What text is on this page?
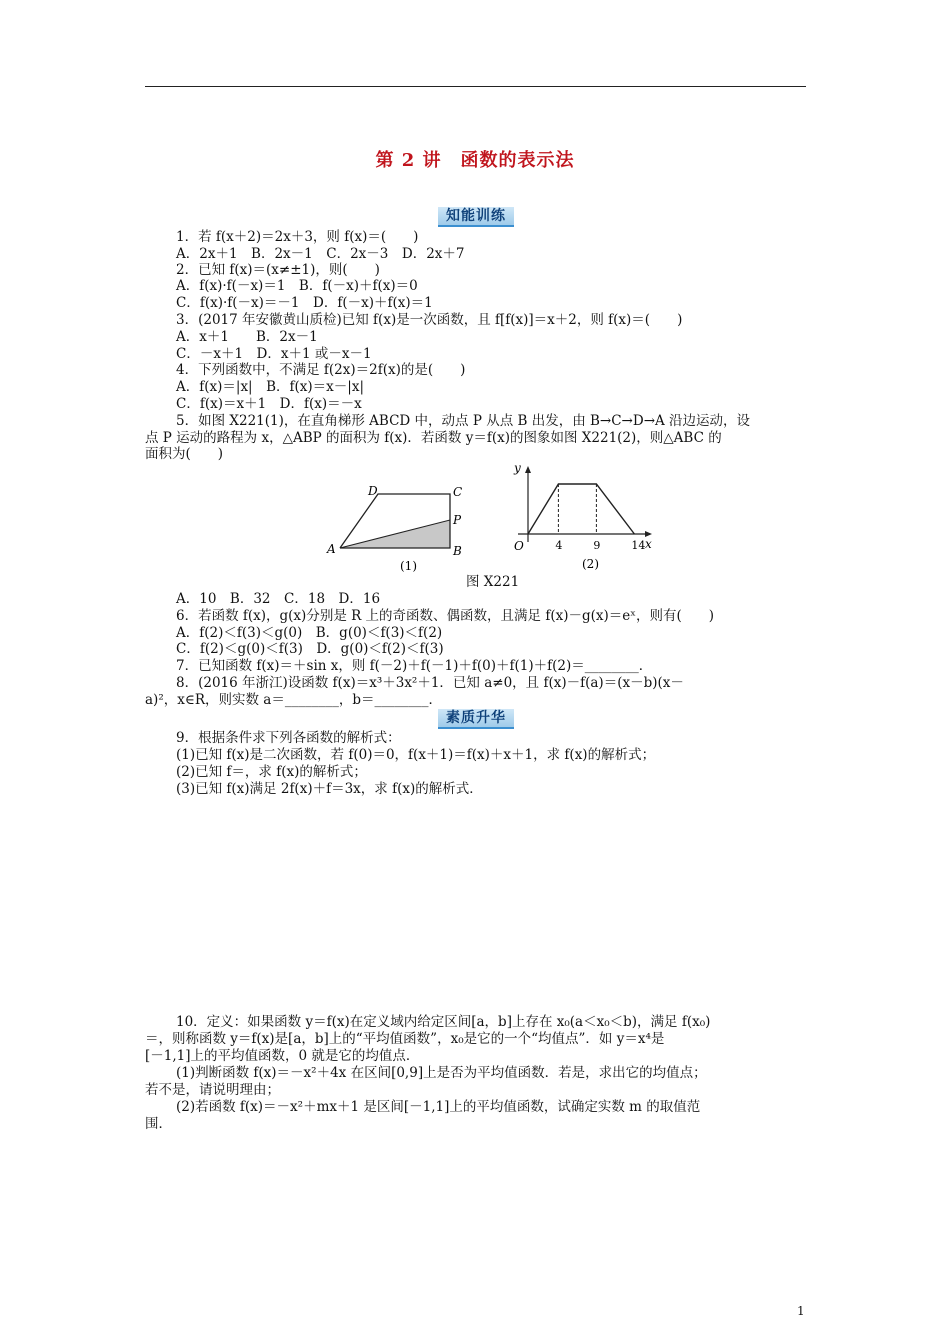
第 2 讲　函数的表示法
知能训练
1．若 f(x＋2)＝2x＋3，则 f(x)＝(　　)
A．2x＋1　B．2x－1　C．2x－3　D．2x＋7
2．已知 f(x)＝(x≠±1)，则(　　)
A．f(x)·f(－x)＝1　B．f(－x)＋f(x)＝0
C．f(x)·f(－x)＝－1　D．f(－x)＋f(x)＝1
3．(2017 年安徽黄山质检)已知 f(x)是一次函数，且 f[f(x)]＝x＋2，则 f(x)＝(　　)
A．x＋1　　B．2x－1
C．－x＋1　D．x＋1 或－x－1
4．下列函数中，不满足 f(2x)＝2f(x)的是(　　)
A．f(x)＝|x|　B．f(x)＝x－|x|
C．f(x)＝x＋1　D．f(x)＝－x
5．如图 X221(1)，在直角梯形 ABCD 中，动点 P 从点 B 出发，由 B→C→D→A 沿边运动，设
点 P 运动的路程为 x，△ABP 的面积为 f(x)．若函数 y＝f(x)的图象如图 X221(2)，则△ABC 的
面积为(　　)
D	C
P
A	B
(1)
y
x
O	4	9	14
(2)
图 X221
A．10　B．32　C．18　D．16
6．若函数 f(x)，g(x)分别是 R 上的奇函数、偶函数，且满足 f(x)－g(x)＝eˣ，则有(　　)
A．f(2)＜f(3)＜g(0)　B．g(0)＜f(3)＜f(2)
C．f(2)＜g(0)＜f(3)　D．g(0)＜f(2)＜f(3)
7．已知函数 f(x)＝＋sin x，则 f(－2)＋f(－1)＋f(0)＋f(1)＋f(2)＝________．
8．(2016 年浙江)设函数 f(x)＝x³＋3x²＋1．已知 a≠0，且 f(x)－f(a)＝(x－b)(x－
a)²，x∈R，则实数 a＝________，b＝________．
素质升华
9．根据条件求下列各函数的解析式：
(1)已知 f(x)是二次函数，若 f(0)＝0，f(x＋1)＝f(x)＋x＋1，求 f(x)的解析式；
(2)已知 f＝，求 f(x)的解析式；
(3)已知 f(x)满足 2f(x)＋f＝3x，求 f(x)的解析式．
10．定义：如果函数 y＝f(x)在定义域内给定区间[a，b]上存在 x₀(a＜x₀＜b)，满足 f(x₀)
＝，则称函数 y＝f(x)是[a，b]上的“平均值函数”，x₀是它的一个“均值点”．如 y＝x⁴是
[－1,1]上的平均值函数，0 就是它的均值点．
(1)判断函数 f(x)＝－x²＋4x 在区间[0,9]上是否为平均值函数．若是，求出它的均值点；
若不是，请说明理由；
(2)若函数 f(x)＝－x²＋mx＋1 是区间[－1,1]上的平均值函数，试确定实数 m 的取值范
围．
1
